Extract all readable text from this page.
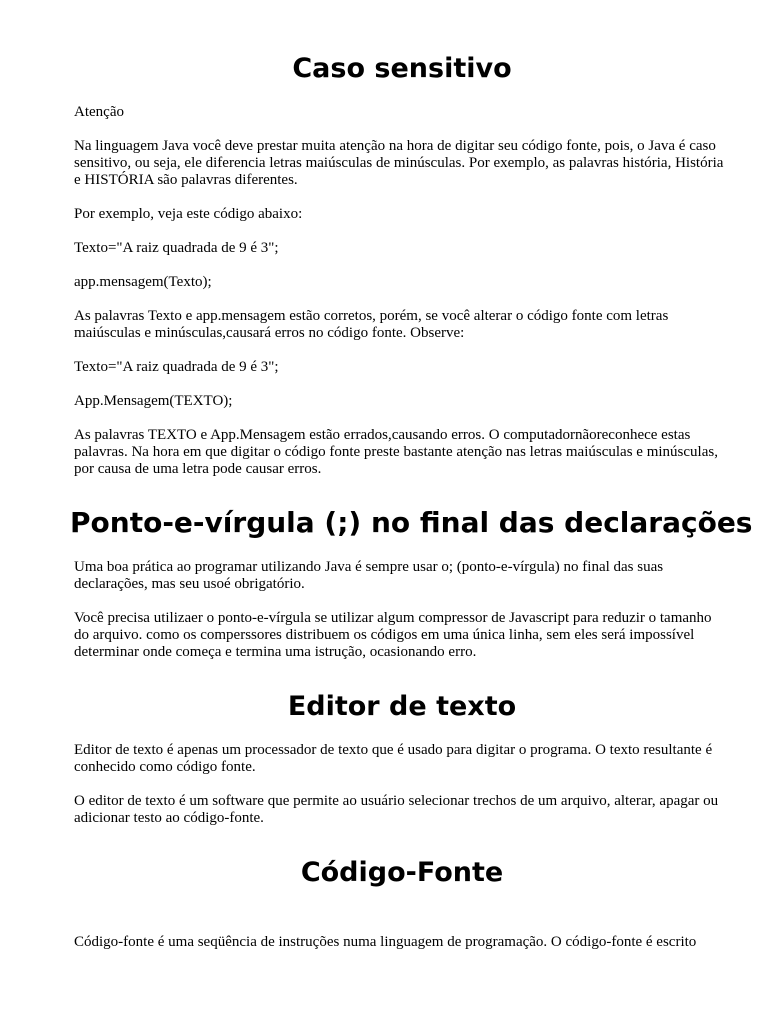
Caso sensitivo

Atenção

Na linguagem Java você deve prestar muita atenção na hora de digitar seu código fonte, pois, o Java é caso sensitivo, ou seja, ele diferencia letras maiúsculas de minúsculas. Por exemplo, as palavras história, História e HISTÓRIA são palavras diferentes.

Por exemplo, veja este código abaixo:

Texto="A raiz quadrada de 9 é 3";

app.mensagem(Texto);

As palavras Texto e app.mensagem estão corretos, porém, se você alterar o código fonte com letras maiúsculas e minúsculas,causará erros no código fonte. Observe:

Texto="A raiz quadrada de 9 é 3";

App.Mensagem(TEXTO);

As palavras TEXTO e App.Mensagem estão errados,causando erros. O computadornãoreconhece estas palavras. Na hora em que digitar o código fonte preste bastante atenção nas letras maiúsculas e minúsculas, por causa de uma letra pode causar erros.

Ponto-e-vírgula (;) no final das declarações

Uma boa prática ao programar utilizando Java é sempre usar o; (ponto-e-vírgula) no final das suas declarações, mas seu usoé obrigatório.

Você precisa utilizaer o ponto-e-vírgula se utilizar algum compressor de Javascript para reduzir o tamanho do arquivo. como os comperssores distribuem os códigos em uma única linha, sem eles será impossível determinar onde começa e termina uma istrução, ocasionando erro.

Editor de texto

Editor de texto é apenas um processador de texto que é usado para digitar o programa. O texto resultante é conhecido como código fonte.

O editor de texto é um software que permite ao usuário selecionar trechos de um arquivo, alterar, apagar ou adicionar testo ao código-fonte.

Código-Fonte

Código-fonte é uma seqüência de instruções numa linguagem de programação. O código-fonte é escrito
